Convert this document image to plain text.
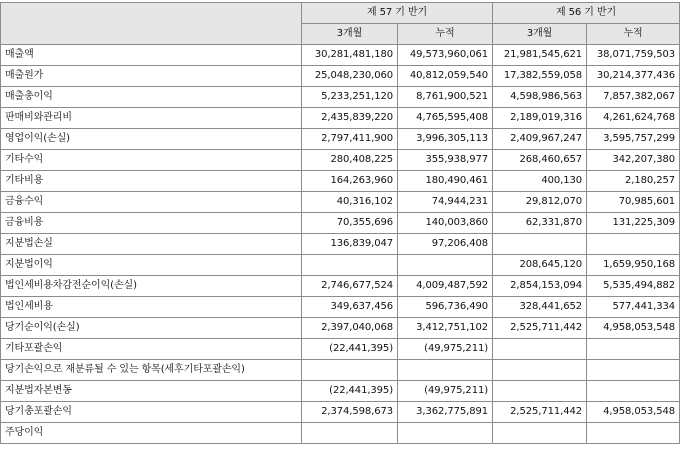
	제 57 기 반기		제 56 기 반기	
	3개월	누적	3개월	누적
매출액	30,281,481,180	49,573,960,061	21,981,545,621	38,071,759,503
매출원가	25,048,230,060	40,812,059,540	17,382,559,058	30,214,377,436
매출총이익	5,233,251,120	8,761,900,521	4,598,986,563	7,857,382,067
판매비와관리비	2,435,839,220	4,765,595,408	2,189,019,316	4,261,624,768
영업이익(손실)	2,797,411,900	3,996,305,113	2,409,967,247	3,595,757,299
기타수익	280,408,225	355,938,977	268,460,657	342,207,380
기타비용	164,263,960	180,490,461	400,130	2,180,257
금융수익	40,316,102	74,944,231	29,812,070	70,985,601
금융비용	70,355,696	140,003,860	62,331,870	131,225,309
지분법손실	136,839,047	97,206,408		
지분법이익			208,645,120	1,659,950,168
법인세비용차감전순이익(손실)	2,746,677,524	4,009,487,592	2,854,153,094	5,535,494,882
법인세비용	349,637,456	596,736,490	328,441,652	577,441,334
당기순이익(손실)	2,397,040,068	3,412,751,102	2,525,711,442	4,958,053,548
기타포괄손익	(22,441,395)	(49,975,211)		
당기손익으로 재분류될 수 있는 항목(세후기타포괄손익)				
지분법자본변동	(22,441,395)	(49,975,211)		
당기총포괄손익	2,374,598,673	3,362,775,891	2,525,711,442	4,958,053,548
주당이익				
